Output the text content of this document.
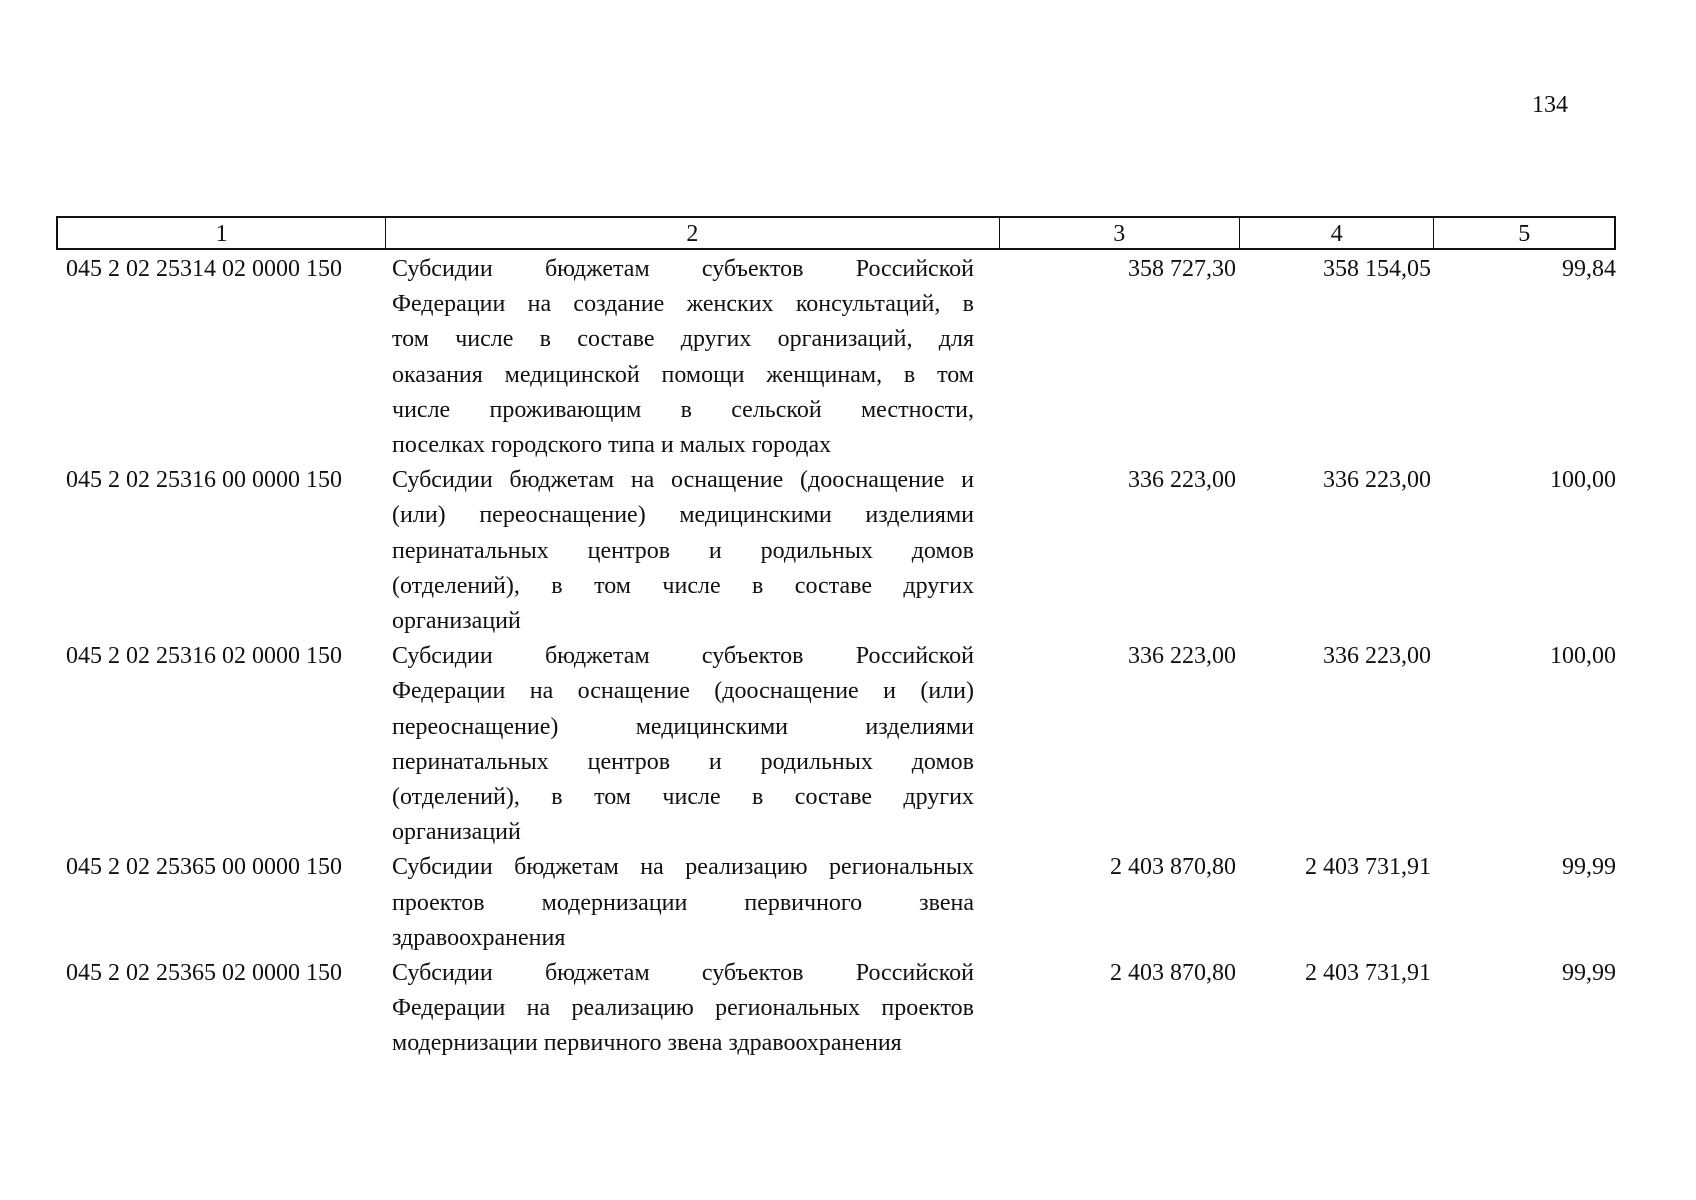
134
1	2	3	4	5
045 2 02 25314 02 0000 150	Субсидии бюджетам субъектов Российской
Федерации на создание женских консультаций, в
том числе в составе других организаций, для
оказания медицинской помощи женщинам, в том
числе проживающим в сельской местности,
поселках городского типа и малых городах
358 727,30	358 154,05	99,84
045 2 02 25316 00 0000 150	Субсидии бюджетам на оснащение (дооснащение и
(или) переоснащение) медицинскими изделиями
перинатальных центров и родильных домов
(отделений), в том числе в составе других
организаций
336 223,00	336 223,00	100,00
045 2 02 25316 02 0000 150	Субсидии бюджетам субъектов Российской
Федерации на оснащение (дооснащение и (или)
переоснащение) медицинскими изделиями
перинатальных центров и родильных домов
(отделений), в том числе в составе других
организаций
336 223,00	336 223,00	100,00
045 2 02 25365 00 0000 150	Субсидии бюджетам на реализацию региональных
проектов модернизации первичного звена
здравоохранения
2 403 870,80	2 403 731,91	99,99
045 2 02 25365 02 0000 150	Субсидии бюджетам субъектов Российской
Федерации на реализацию региональных проектов
модернизации первичного звена здравоохранения
2 403 870,80	2 403 731,91	99,99
